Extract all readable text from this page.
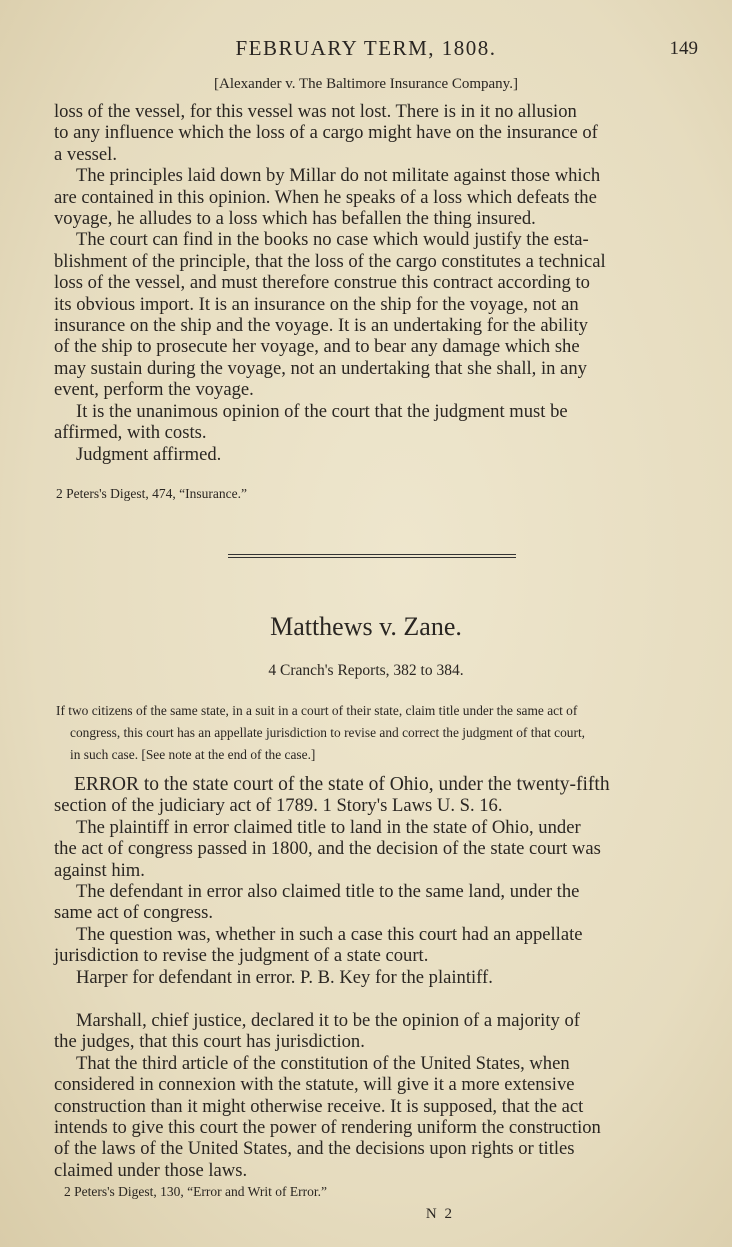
FEBRUARY TERM, 1808.	149
[Alexander v. The Baltimore Insurance Company.]

loss of the vessel, for this vessel was not lost. There is in it no allusion

to any influence which the loss of a cargo might have on the insurance of

a vessel.

The principles laid down by Millar do not militate against those which

are contained in this opinion. When he speaks of a loss which defeats the

voyage, he alludes to a loss which has befallen the thing insured.

The court can find in the books no case which would justify the esta-

blishment of the principle, that the loss of the cargo constitutes a technical

loss of the vessel, and must therefore construe this contract according to

its obvious import. It is an insurance on the ship for the voyage, not an

insurance on the ship and the voyage. It is an undertaking for the ability

of the ship to prosecute her voyage, and to bear any damage which she

may sustain during the voyage, not an undertaking that she shall, in any

event, perform the voyage.

It is the unanimous opinion of the court that the judgment must be

affirmed, with costs.

Judgment affirmed.

2 Peters's Digest, 474, “Insurance.”
Matthews v. Zane.
4 Cranch's Reports, 382 to 384.
If two citizens of the same state, in a suit in a court of their state, claim title under the same act of
congress, this court has an appellate jurisdiction to revise and correct the judgment of that court,
in such case. [See note at the end of the case.]

ERROR to the state court of the state of Ohio, under the twenty-fifth

section of the judiciary act of 1789. 1 Story's Laws U. S. 16.

The plaintiff in error claimed title to land in the state of Ohio, under

the act of congress passed in 1800, and the decision of the state court was

against him.

The defendant in error also claimed title to the same land, under the

same act of congress.

The question was, whether in such a case this court had an appellate

jurisdiction to revise the judgment of a state court.

Harper for defendant in error. P. B. Key for the plaintiff.

Marshall, chief justice, declared it to be the opinion of a majority of

the judges, that this court has jurisdiction.

That the third article of the constitution of the United States, when

considered in connexion with the statute, will give it a more extensive

construction than it might otherwise receive. It is supposed, that the act

intends to give this court the power of rendering uniform the construction

of the laws of the United States, and the decisions upon rights or titles

claimed under those laws.

2 Peters's Digest, 130, “Error and Writ of Error.”
N 2
